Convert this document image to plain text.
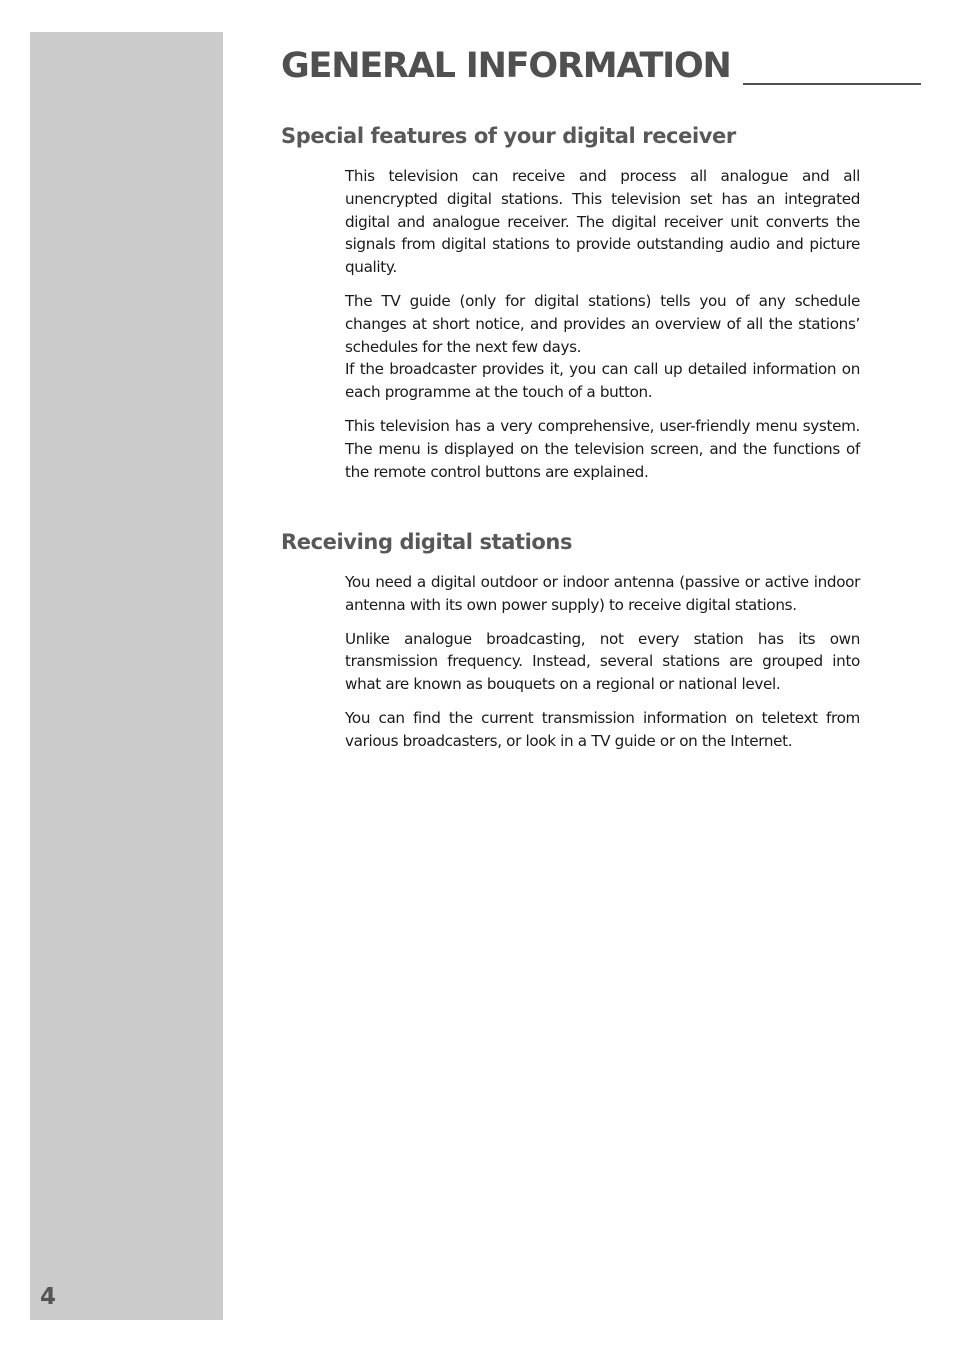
4
GENERAL INFORMATION
Special features of your digital receiver

This television can receive and process all analogue and all unencrypted digital stations. This television set has an integrated digital and analogue receiver. The digital receiver unit converts the signals from digital stations to provide outstanding audio and picture quality.

The TV guide (only for digital stations) tells you of any schedule changes at short notice, and provides an overview of all the stations’ schedules for the next few days.

If the broadcaster provides it, you can call up detailed information on each programme at the touch of a button.

This television has a very comprehensive, user-friendly menu system. The menu is displayed on the television screen, and the functions of the remote control buttons are explained.

Receiving digital stations

You need a digital outdoor or indoor antenna (passive or active indoor antenna with its own power supply) to receive digital stations.

Unlike analogue broadcasting, not every station has its own transmission frequency. Instead, several stations are grouped into what are known as bouquets on a regional or national level.

You can find the current transmission information on teletext from various broadcasters, or look in a TV guide or on the Internet.
